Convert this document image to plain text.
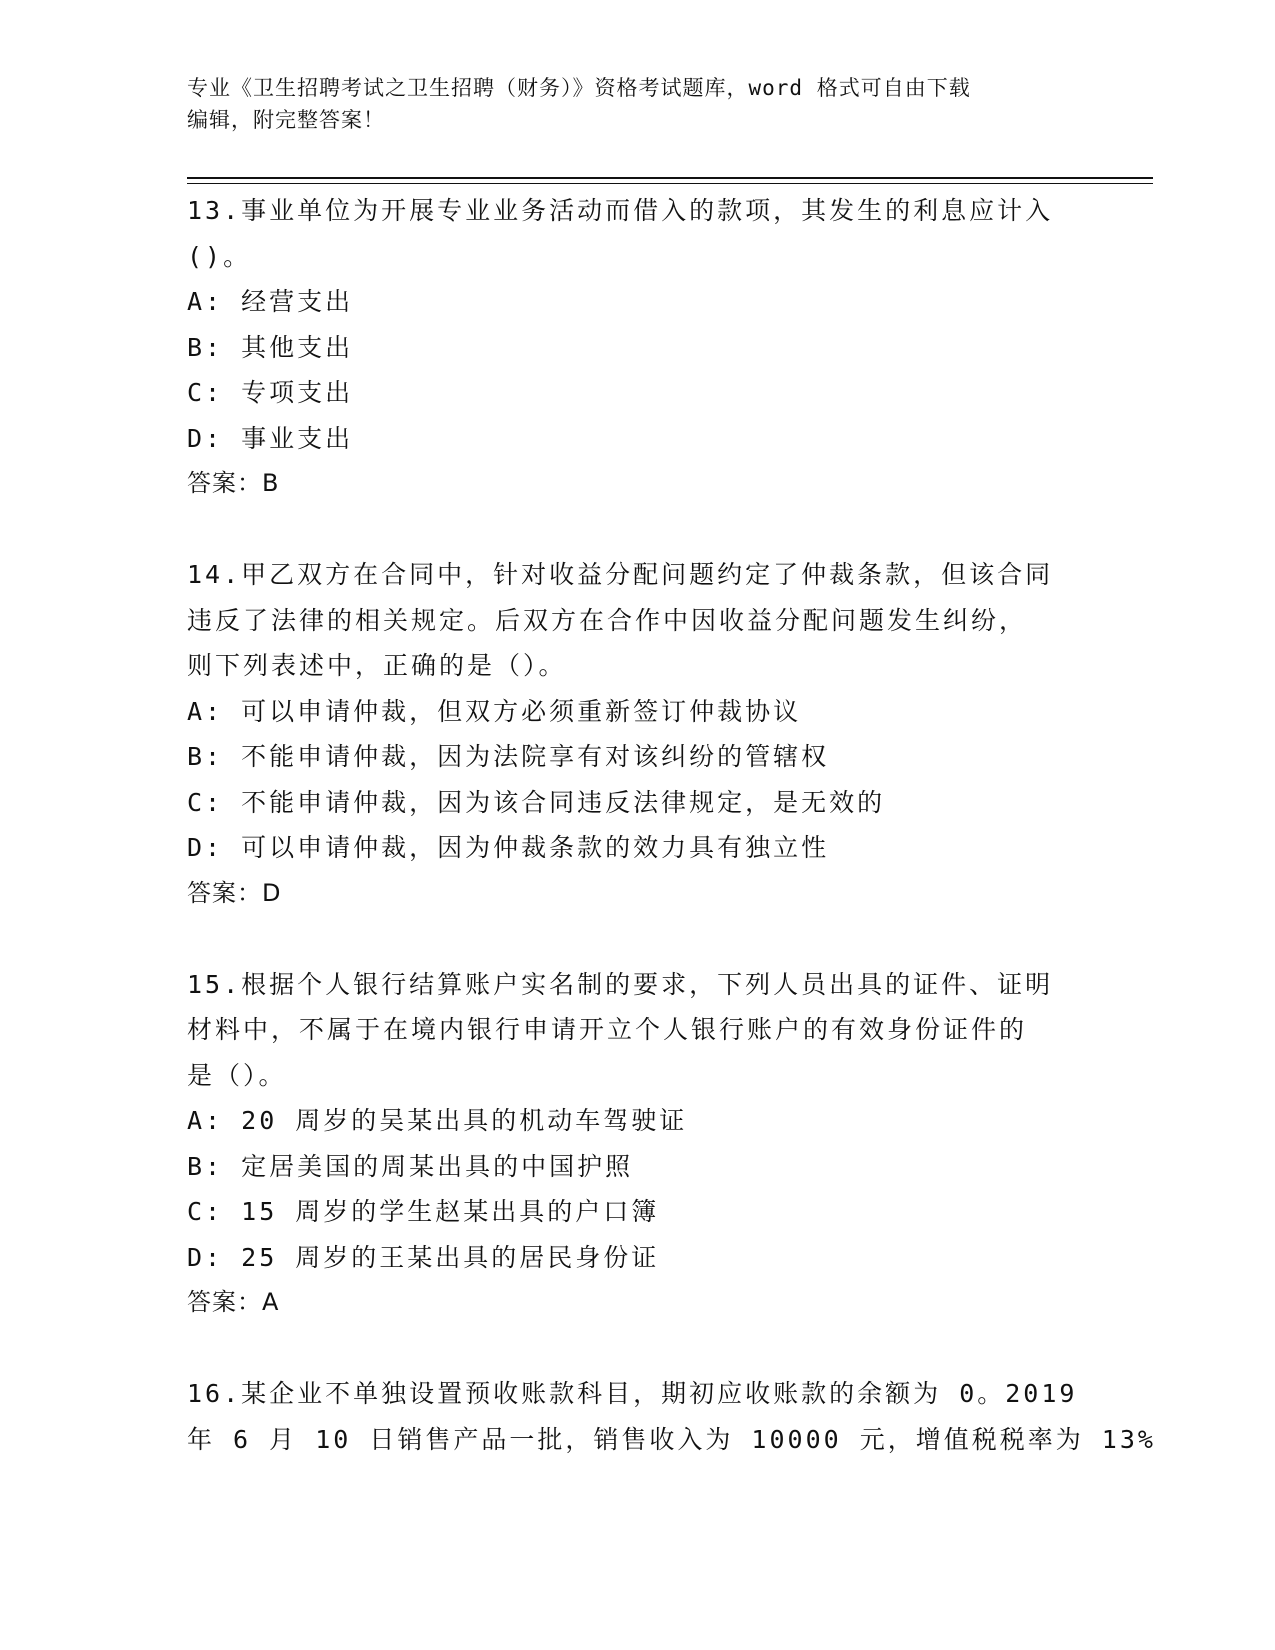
专业《卫生招聘考试之卫生招聘（财务）》资格考试题库，word 格式可自由下载
编辑，附完整答案！
13.事业单位为开展专业业务活动而借入的款项，其发生的利息应计入
()。
A: 经营支出
B: 其他支出
C: 专项支出
D: 事业支出
答案：B
14.甲乙双方在合同中，针对收益分配问题约定了仲裁条款，但该合同
违反了法律的相关规定。后双方在合作中因收益分配问题发生纠纷，
则下列表述中，正确的是（）。
A: 可以申请仲裁，但双方必须重新签订仲裁协议
B: 不能申请仲裁，因为法院享有对该纠纷的管辖权
C: 不能申请仲裁，因为该合同违反法律规定，是无效的
D: 可以申请仲裁，因为仲裁条款的效力具有独立性
答案：D
15.根据个人银行结算账户实名制的要求，下列人员出具的证件、证明
材料中，不属于在境内银行申请开立个人银行账户的有效身份证件的
是（）。
A: 20 周岁的吴某出具的机动车驾驶证
B: 定居美国的周某出具的中国护照
C: 15 周岁的学生赵某出具的户口簿
D: 25 周岁的王某出具的居民身份证
答案：A
16.某企业不单独设置预收账款科目，期初应收账款的余额为 0。2019
年 6 月 10 日销售产品一批，销售收入为 10000 元，增值税税率为 13%
